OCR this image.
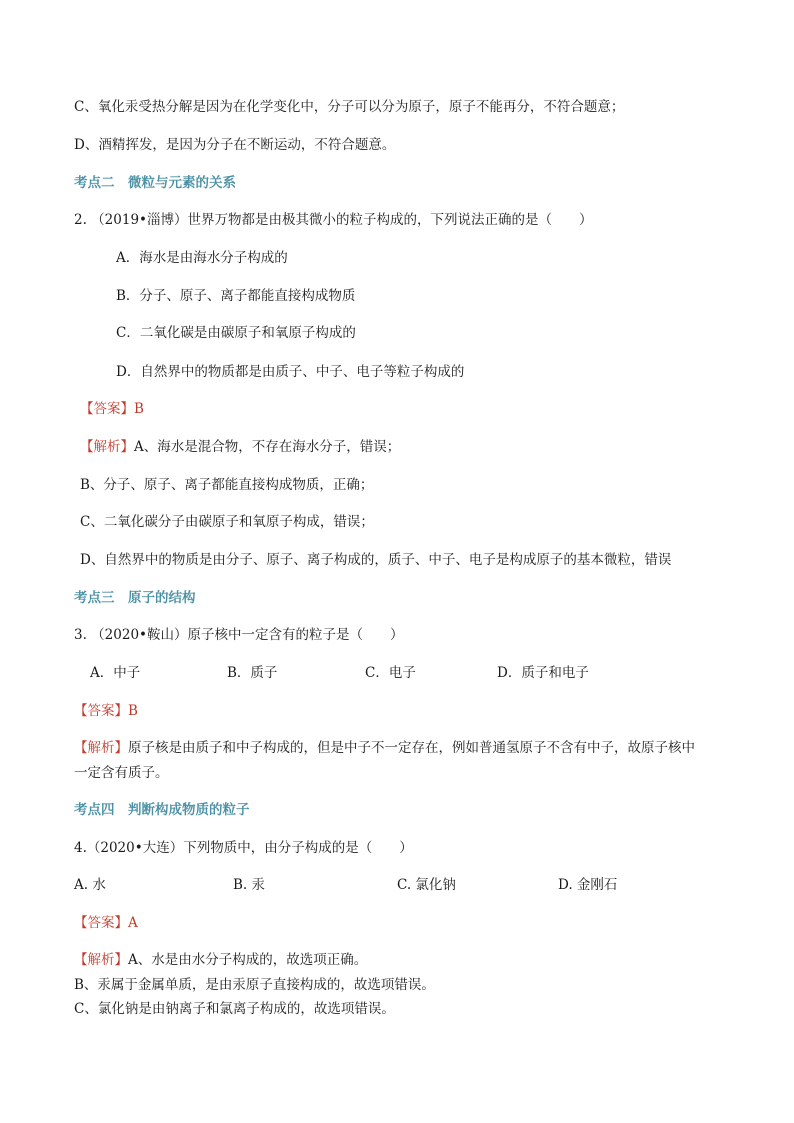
C、氧化汞受热分解是因为在化学变化中，分子可以分为原子，原子不能再分，不符合题意；
D、酒精挥发，是因为分子在不断运动，不符合题意。
考点二　微粒与元素的关系
2. （2019•淄博）世界万物都是由极其微小的粒子构成的，下列说法正确的是（　　）
A．海水是由海水分子构成的
B．分子、原子、离子都能直接构成物质
C．二氧化碳是由碳原子和氧原子构成的
D．自然界中的物质都是由质子、中子、电子等粒子构成的
【答案】B
【解析】A、海水是混合物，不存在海水分子，错误；
B、分子、原子、离子都能直接构成物质，正确；
C、二氧化碳分子由碳原子和氧原子构成，错误；
D、自然界中的物质是由分子、原子、离子构成的，质子、中子、电子是构成原子的基本微粒，错误
考点三　原子的结构
3. （2020•鞍山）原子核中一定含有的粒子是（　　）
A．中子	B．质子	C．电子	D．质子和电子
【答案】B
【解析】原子核是由质子和中子构成的，但是中子不一定存在，例如普通氢原子不含有中子，故原子核中
一定含有质子。
考点四　判断构成物质的粒子
4.（2020•大连）下列物质中，由分子构成的是（　　）
A. 水	B. 汞	C. 氯化钠	D. 金刚石
【答案】A
【解析】A、水是由水分子构成的，故选项正确。
B、汞属于金属单质，是由汞原子直接构成的，故选项错误。
C、氯化钠是由钠离子和氯离子构成的，故选项错误。
